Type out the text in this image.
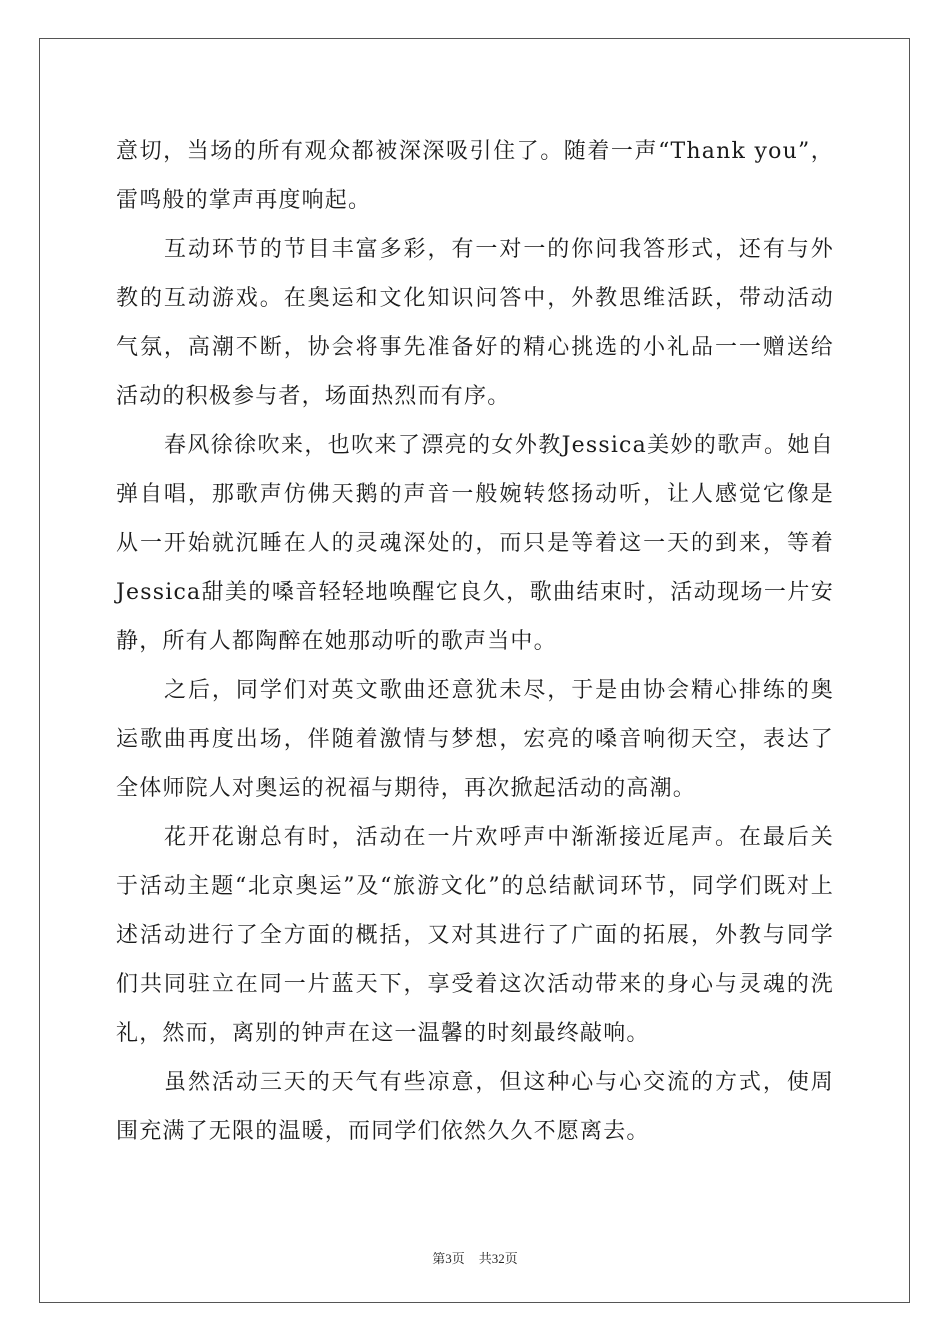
意切，当场的所有观众都被深深吸引住了。随着一声“Thank you”，雷鸣般的掌声再度响起。

互动环节的节目丰富多彩，有一对一的你问我答形式，还有与外教的互动游戏。在奥运和文化知识问答中，外教思维活跃，带动活动气氛，高潮不断，协会将事先准备好的精心挑选的小礼品一一赠送给活动的积极参与者，场面热烈而有序。

春风徐徐吹来，也吹来了漂亮的女外教Jessica美妙的歌声。她自弹自唱，那歌声仿佛天鹅的声音一般婉转悠扬动听，让人感觉它像是从一开始就沉睡在人的灵魂深处的，而只是等着这一天的到来，等着Jessica甜美的嗓音轻轻地唤醒它良久，歌曲结束时，活动现场一片安静，所有人都陶醉在她那动听的歌声当中。

之后，同学们对英文歌曲还意犹未尽，于是由协会精心排练的奥运歌曲再度出场，伴随着激情与梦想，宏亮的嗓音响彻天空，表达了全体师院人对奥运的祝福与期待，再次掀起活动的高潮。

花开花谢总有时，活动在一片欢呼声中渐渐接近尾声。在最后关于活动主题“北京奥运”及“旅游文化”的总结献词环节，同学们既对上述活动进行了全方面的概括，又对其进行了广面的拓展，外教与同学们共同驻立在同一片蓝天下，享受着这次活动带来的身心与灵魂的洗礼，然而，离别的钟声在这一温馨的时刻最终敲响。

虽然活动三天的天气有些凉意，但这种心与心交流的方式，使周围充满了无限的温暖，而同学们依然久久不愿离去。

第3页 共32页
